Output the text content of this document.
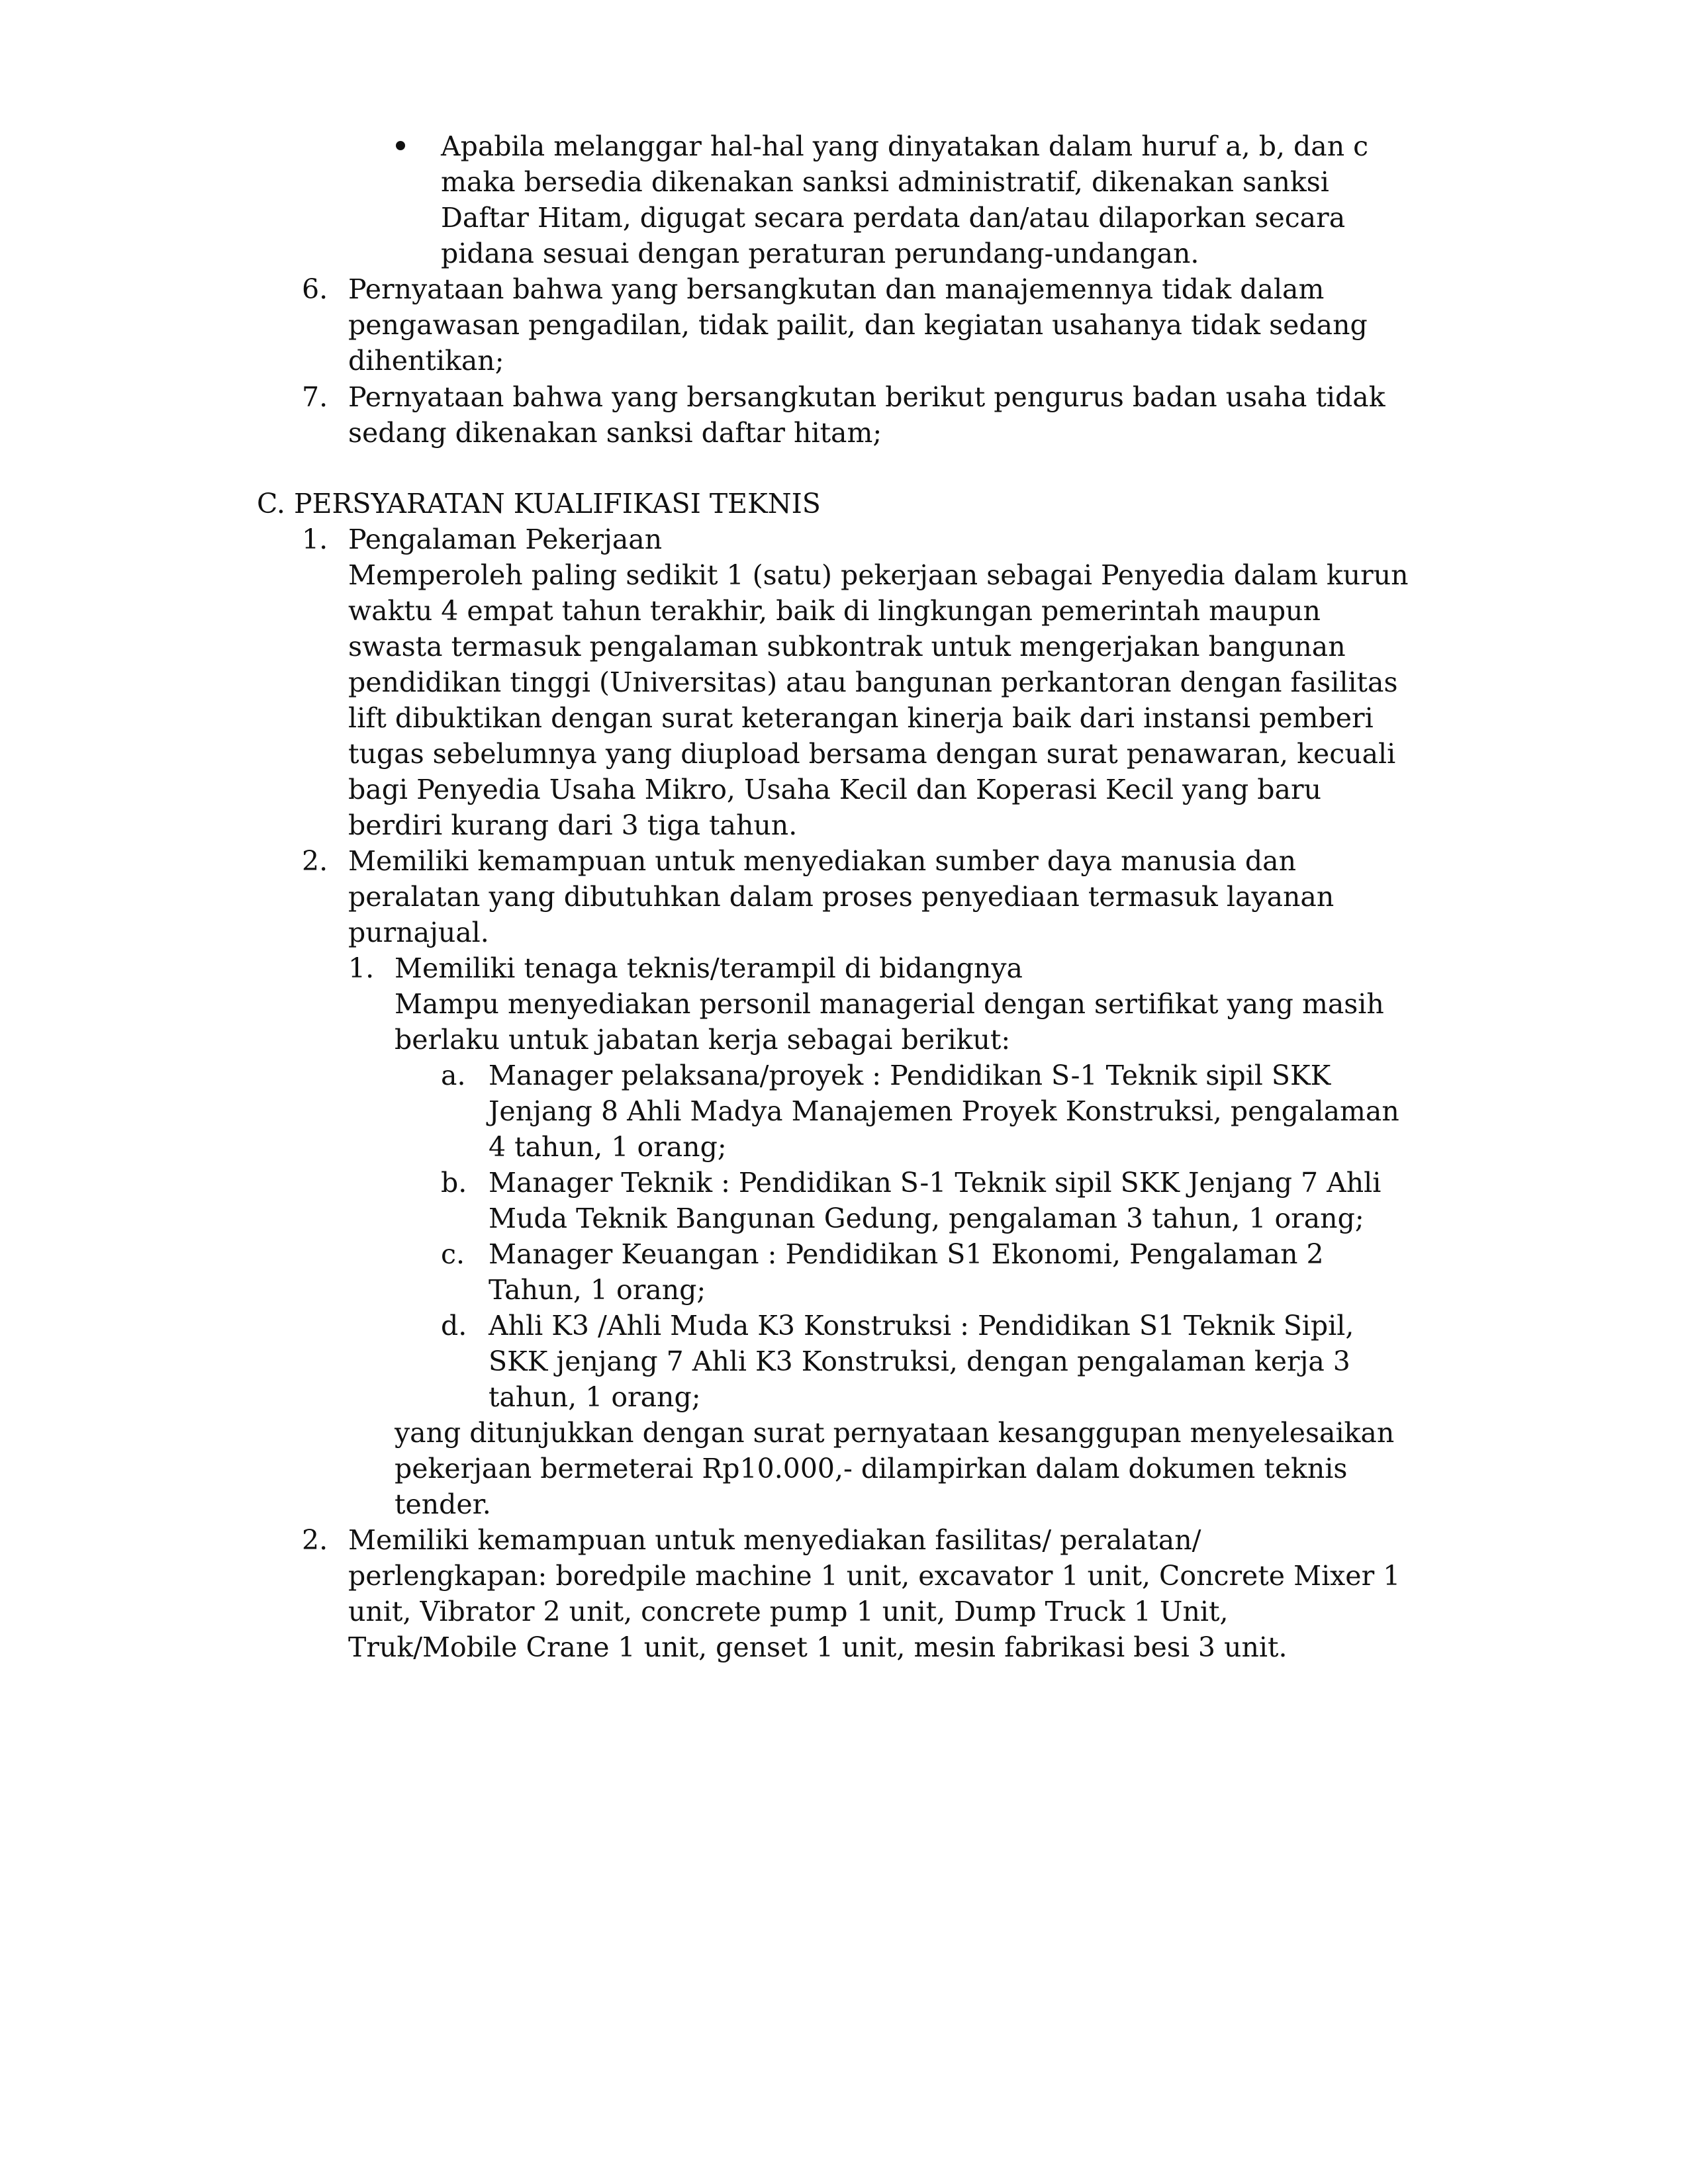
Apabila melanggar hal-hal yang dinyatakan dalam huruf a, b, dan c
maka bersedia dikenakan sanksi administratif, dikenakan sanksi
Daftar Hitam, digugat secara perdata dan/atau dilaporkan secara
pidana sesuai dengan peraturan perundang-undangan.
6. Pernyataan bahwa yang bersangkutan dan manajemennya tidak dalam
pengawasan pengadilan, tidak pailit, dan kegiatan usahanya tidak sedang
dihentikan;
7. Pernyataan bahwa yang bersangkutan berikut pengurus badan usaha tidak
sedang dikenakan sanksi daftar hitam;
C. PERSYARATAN KUALIFIKASI TEKNIS
1. Pengalaman Pekerjaan
Memperoleh paling sedikit 1 (satu) pekerjaan sebagai Penyedia dalam kurun
waktu 4 empat tahun terakhir, baik di lingkungan pemerintah maupun
swasta termasuk pengalaman subkontrak untuk mengerjakan bangunan
pendidikan tinggi (Universitas) atau bangunan perkantoran dengan fasilitas
lift dibuktikan dengan surat keterangan kinerja baik dari instansi pemberi
tugas sebelumnya yang diupload bersama dengan surat penawaran, kecuali
bagi Penyedia Usaha Mikro, Usaha Kecil dan Koperasi Kecil yang baru
berdiri kurang dari 3 tiga tahun.
2. Memiliki kemampuan untuk menyediakan sumber daya manusia dan
peralatan yang dibutuhkan dalam proses penyediaan termasuk layanan
purnajual.
1. Memiliki tenaga teknis/terampil di bidangnya
Mampu menyediakan personil managerial dengan sertifikat yang masih
berlaku untuk jabatan kerja sebagai berikut:
a. Manager pelaksana/proyek : Pendidikan S-1 Teknik sipil SKK
Jenjang 8 Ahli Madya Manajemen Proyek Konstruksi, pengalaman
4 tahun, 1 orang;
b. Manager Teknik : Pendidikan S-1 Teknik sipil SKK Jenjang 7 Ahli
Muda Teknik Bangunan Gedung, pengalaman 3 tahun, 1 orang;
c. Manager Keuangan : Pendidikan S1 Ekonomi, Pengalaman 2
Tahun, 1 orang;
d. Ahli K3 /Ahli Muda K3 Konstruksi : Pendidikan S1 Teknik Sipil,
SKK jenjang 7 Ahli K3 Konstruksi, dengan pengalaman kerja 3
tahun, 1 orang;
yang ditunjukkan dengan surat pernyataan kesanggupan menyelesaikan
pekerjaan bermeterai Rp10.000,- dilampirkan dalam dokumen teknis
tender.
2. Memiliki kemampuan untuk menyediakan fasilitas/ peralatan/
perlengkapan: boredpile machine 1 unit, excavator 1 unit, Concrete Mixer 1
unit, Vibrator 2 unit, concrete pump 1 unit, Dump Truck 1 Unit,
Truk/Mobile Crane 1 unit, genset 1 unit, mesin fabrikasi besi 3 unit.
